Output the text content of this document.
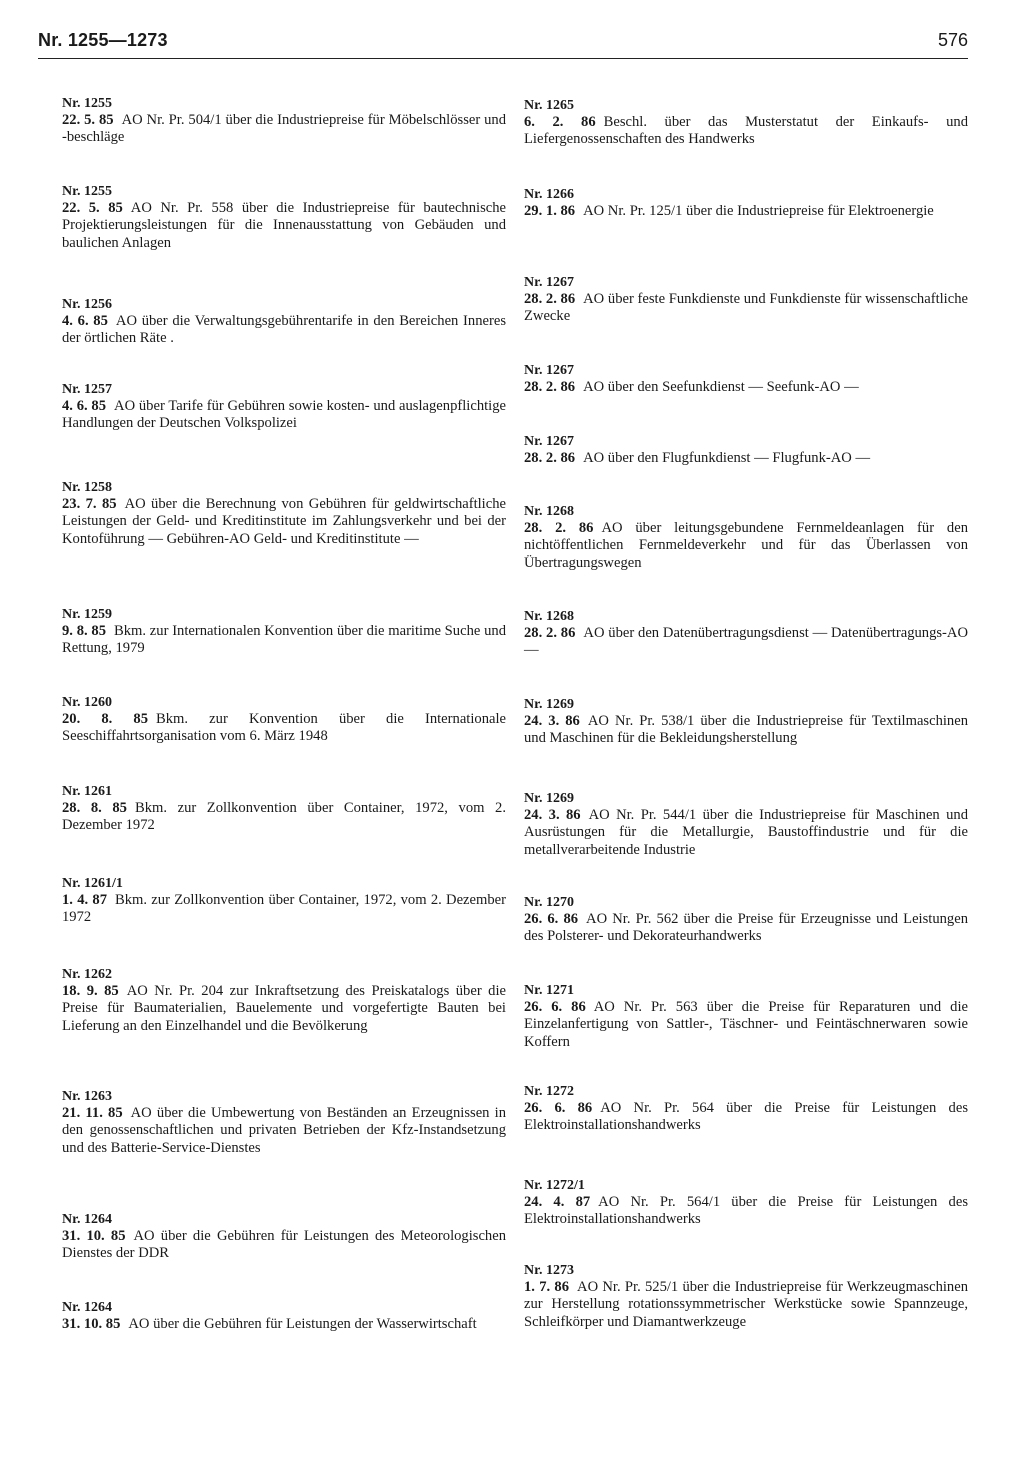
Nr. 1255—1273	576
Nr. 1255
22. 5. 85 AO Nr. Pr. 504/1 über die Industriepreise für Möbelschlösser und -beschläge
Nr. 1255
22. 5. 85 AO Nr. Pr. 558 über die Industriepreise für bautechnische Projektierungsleistungen für die Innenausstattung von Gebäuden und baulichen Anlagen
Nr. 1256
4. 6. 85 AO über die Verwaltungsgebührentarife in den Bereichen Inneres der örtlichen Räte .
Nr. 1257
4. 6. 85 AO über Tarife für Gebühren sowie kosten- und auslagenpflichtige Handlungen der Deutschen Volkspolizei
Nr. 1258
23. 7. 85 AO über die Berechnung von Gebühren für geldwirtschaftliche Leistungen der Geld- und Kreditinstitute im Zahlungsverkehr und bei der Kontoführung — Gebühren-AO Geld- und Kreditinstitute —
Nr. 1259
9. 8. 85 Bkm. zur Internationalen Konvention über die maritime Suche und Rettung, 1979
Nr. 1260
20. 8. 85 Bkm. zur Konvention über die Internationale Seeschiffahrtsorganisation vom 6. März 1948
Nr. 1261
28. 8. 85 Bkm. zur Zollkonvention über Container, 1972, vom 2. Dezember 1972
Nr. 1261/1
1. 4. 87 Bkm. zur Zollkonvention über Container, 1972, vom 2. Dezember 1972
Nr. 1262
18. 9. 85 AO Nr. Pr. 204 zur Inkraftsetzung des Preiskatalogs über die Preise für Baumaterialien, Bauelemente und vorgefertigte Bauten bei Lieferung an den Einzelhandel und die Bevölkerung
Nr. 1263
21. 11. 85 AO über die Umbewertung von Beständen an Erzeugnissen in den genossenschaftlichen und privaten Betrieben der Kfz-Instandsetzung und des Batterie-Service-Dienstes
Nr. 1264
31. 10. 85 AO über die Gebühren für Leistungen des Meteorologischen Dienstes der DDR
Nr. 1264
31. 10. 85 AO über die Gebühren für Leistungen der Wasserwirtschaft
Nr. 1265
6. 2. 86 Beschl. über das Musterstatut der Einkaufs- und Liefergenossenschaften des Handwerks
Nr. 1266
29. 1. 86 AO Nr. Pr. 125/1 über die Industriepreise für Elektroenergie
Nr. 1267
28. 2. 86 AO über feste Funkdienste und Funkdienste für wissenschaftliche Zwecke
Nr. 1267
28. 2. 86 AO über den Seefunkdienst — Seefunk-AO —
Nr. 1267
28. 2. 86 AO über den Flugfunkdienst — Flugfunk-AO —
Nr. 1268
28. 2. 86 AO über leitungsgebundene Fernmeldeanlagen für den nichtöffentlichen Fernmeldeverkehr und für das Überlassen von Übertragungswegen
Nr. 1268
28. 2. 86 AO über den Datenübertragungsdienst — Datenübertragungs-AO —
Nr. 1269
24. 3. 86 AO Nr. Pr. 538/1 über die Industriepreise für Textilmaschinen und Maschinen für die Bekleidungsherstellung
Nr. 1269
24. 3. 86 AO Nr. Pr. 544/1 über die Industriepreise für Maschinen und Ausrüstungen für die Metallurgie, Baustoffindustrie und für die metallverarbeitende Industrie
Nr. 1270
26. 6. 86 AO Nr. Pr. 562 über die Preise für Erzeugnisse und Leistungen des Polsterer- und Dekorateurhandwerks
Nr. 1271
26. 6. 86 AO Nr. Pr. 563 über die Preise für Reparaturen und die Einzelanfertigung von Sattler-, Täschner- und Feintäschnerwaren sowie Koffern
Nr. 1272
26. 6. 86 AO Nr. Pr. 564 über die Preise für Leistungen des Elektroinstallationshandwerks
Nr. 1272/1
24. 4. 87 AO Nr. Pr. 564/1 über die Preise für Leistungen des Elektroinstallationshandwerks
Nr. 1273
1. 7. 86 AO Nr. Pr. 525/1 über die Industriepreise für Werkzeugmaschinen zur Herstellung rotationssymmetrischer Werkstücke sowie Spannzeuge, Schleifkörper und Diamantwerkzeuge
